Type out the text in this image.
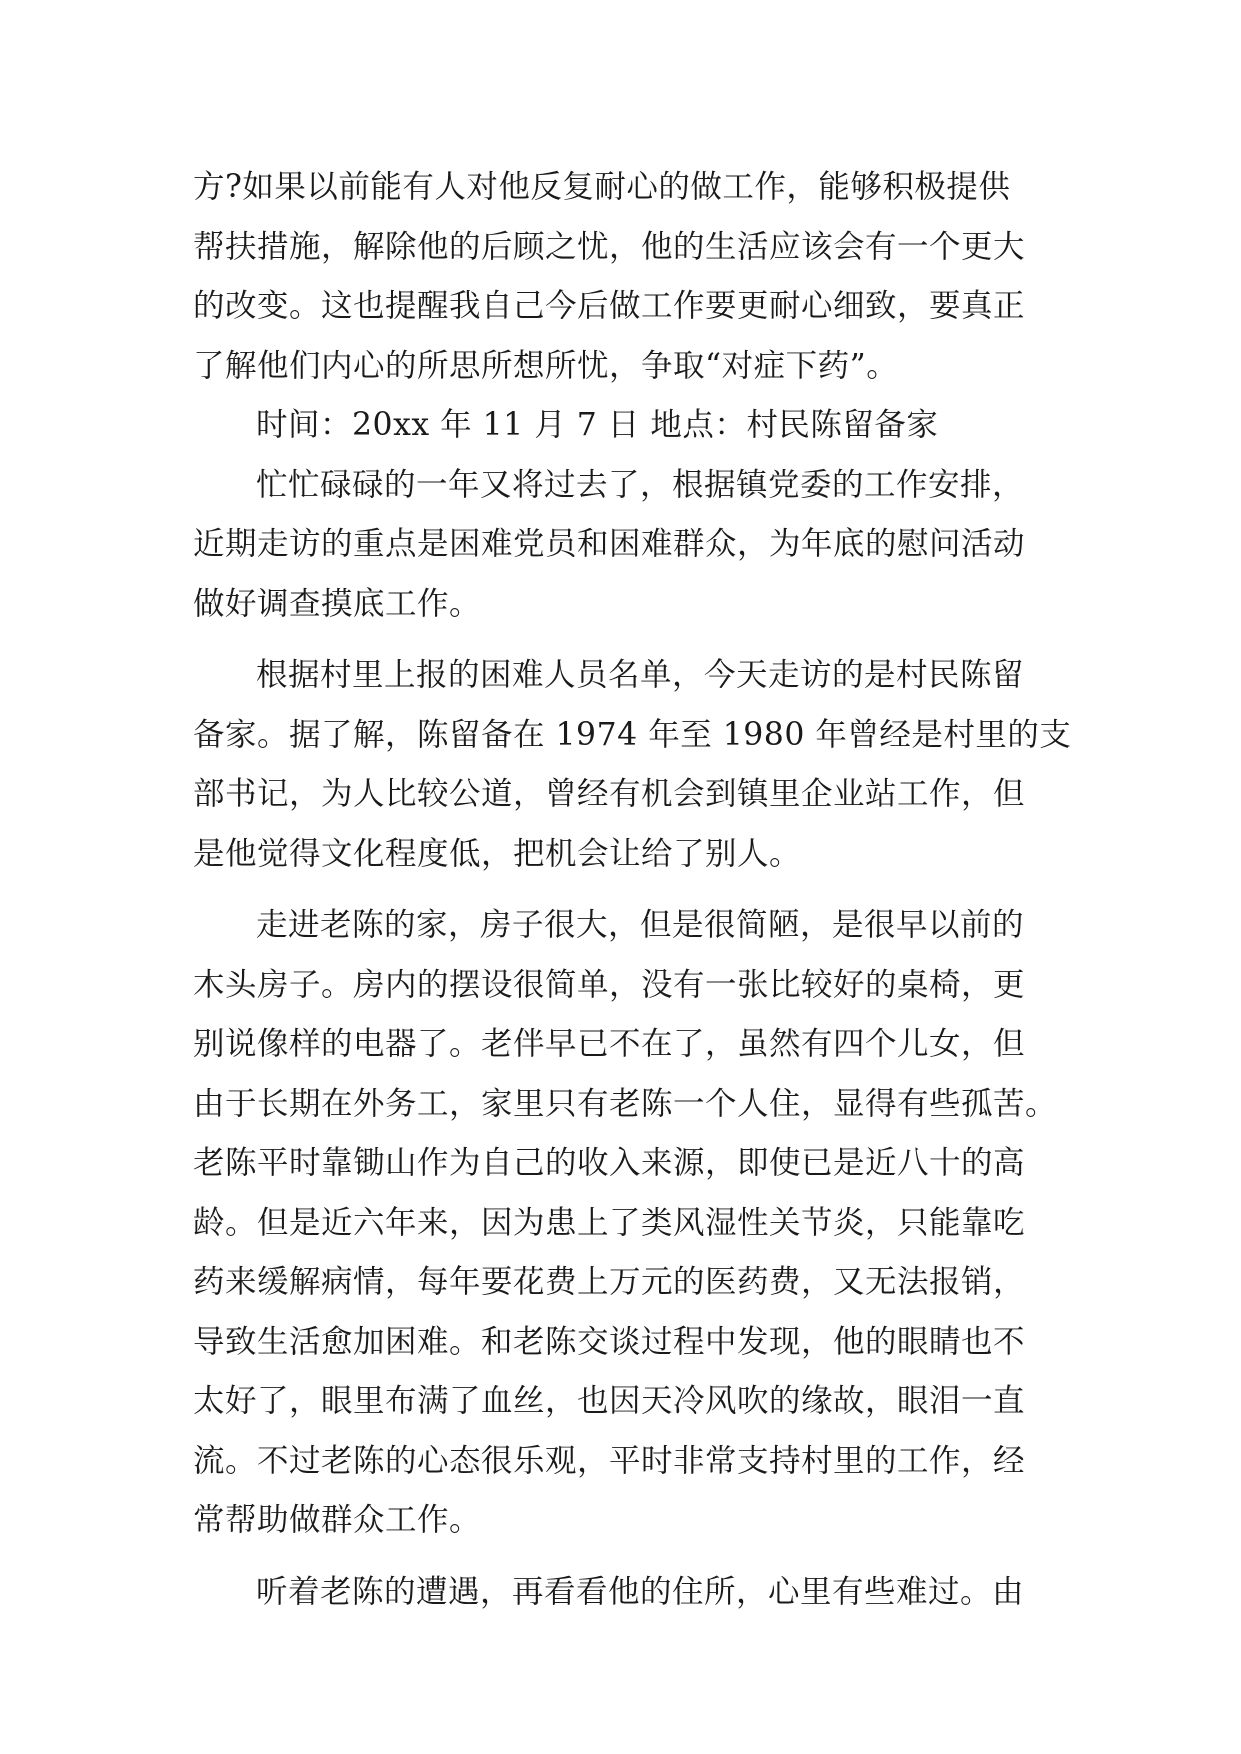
方?如果以前能有人对他反复耐心的做工作，能够积极提供
帮扶措施，解除他的后顾之忧，他的生活应该会有一个更大
的改变。这也提醒我自己今后做工作要更耐心细致，要真正
了解他们内心的所思所想所忧，争取“对症下药”。
时间：20xx 年 11 月 7 日 地点：村民陈留备家
忙忙碌碌的一年又将过去了，根据镇党委的工作安排，
近期走访的重点是困难党员和困难群众，为年底的慰问活动
做好调查摸底工作。
根据村里上报的困难人员名单，今天走访的是村民陈留
备家。据了解，陈留备在 1974 年至 1980 年曾经是村里的支
部书记，为人比较公道，曾经有机会到镇里企业站工作，但
是他觉得文化程度低，把机会让给了别人。
走进老陈的家，房子很大，但是很简陋，是很早以前的
木头房子。房内的摆设很简单，没有一张比较好的桌椅，更
别说像样的电器了。老伴早已不在了，虽然有四个儿女，但
由于长期在外务工，家里只有老陈一个人住，显得有些孤苦。
老陈平时靠锄山作为自己的收入来源，即使已是近八十的高
龄。但是近六年来，因为患上了类风湿性关节炎，只能靠吃
药来缓解病情，每年要花费上万元的医药费，又无法报销，
导致生活愈加困难。和老陈交谈过程中发现，他的眼睛也不
太好了，眼里布满了血丝，也因天冷风吹的缘故，眼泪一直
流。不过老陈的心态很乐观，平时非常支持村里的工作，经
常帮助做群众工作。
听着老陈的遭遇，再看看他的住所，心里有些难过。由
